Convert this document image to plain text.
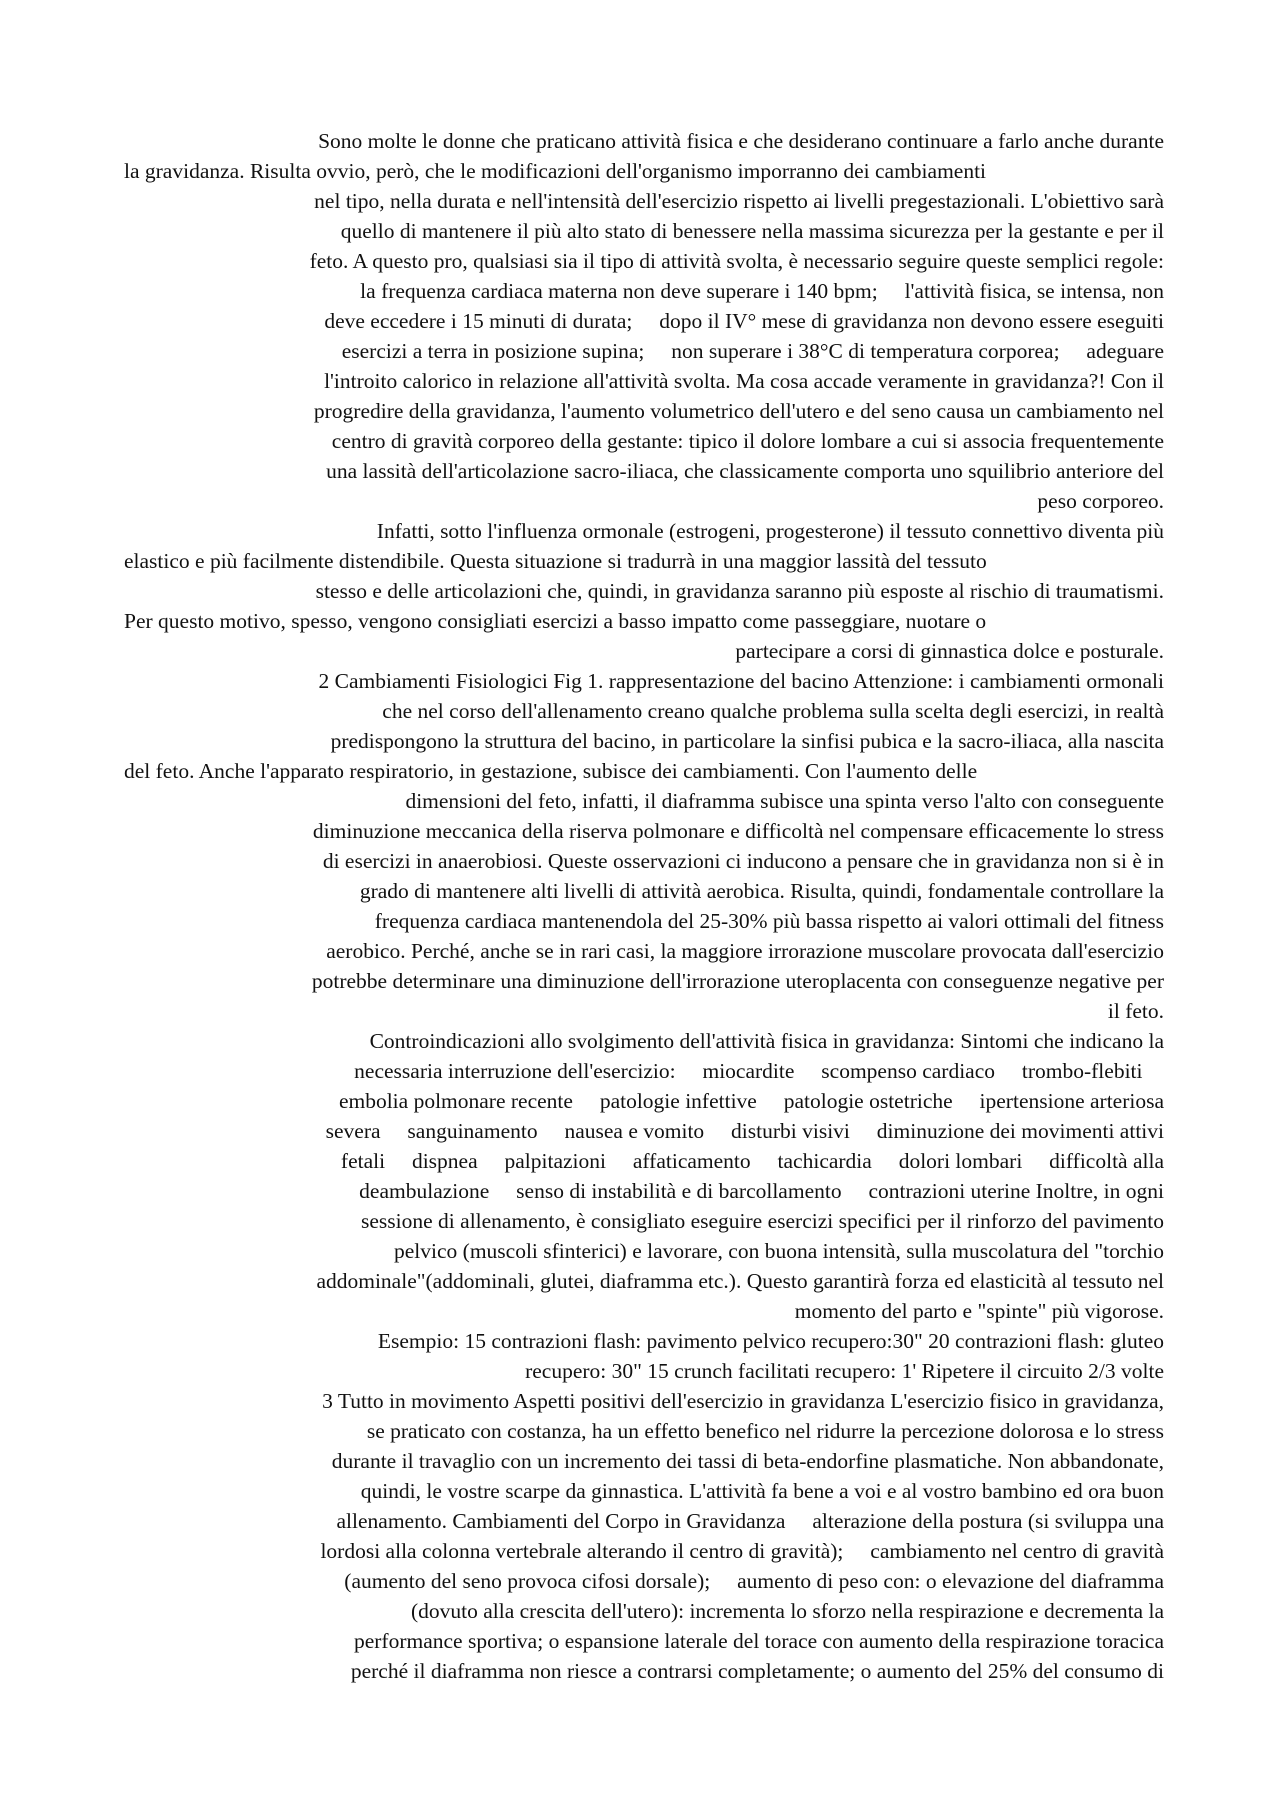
Sono molte le donne che praticano attività fisica e che desiderano continuare a farlo anche durante
la gravidanza. Risulta ovvio, però, che le modificazioni dell'organismo imporranno dei cambiamenti
nel tipo, nella durata e nell'intensità dell'esercizio rispetto ai livelli pregestazionali. L'obiettivo sarà
quello di mantenere il più alto stato di benessere nella massima sicurezza per la gestante e per il
feto. A questo pro, qualsiasi sia il tipo di attività svolta, è necessario seguire queste semplici regole:
la frequenza cardiaca materna non deve superare i 140 bpm;     l'attività fisica, se intensa, non
deve eccedere i 15 minuti di durata;     dopo il IV° mese di gravidanza non devono essere eseguiti
esercizi a terra in posizione supina;     non superare i 38°C di temperatura corporea;     adeguare
l'introito calorico in relazione all'attività svolta. Ma cosa accade veramente in gravidanza?! Con il
progredire della gravidanza, l'aumento volumetrico dell'utero e del seno causa un cambiamento nel
centro di gravità corporeo della gestante: tipico il dolore lombare a cui si associa frequentemente
una lassità dell'articolazione sacro-iliaca, che classicamente comporta uno squilibrio anteriore del
peso corporeo.
Infatti, sotto l'influenza ormonale (estrogeni, progesterone) il tessuto connettivo diventa più
elastico e più facilmente distendibile. Questa situazione si tradurrà in una maggior lassità del tessuto
stesso e delle articolazioni che, quindi, in gravidanza saranno più esposte al rischio di traumatismi.
Per questo motivo, spesso, vengono consigliati esercizi a basso impatto come passeggiare, nuotare o
partecipare a corsi di ginnastica dolce e posturale.
2 Cambiamenti Fisiologici Fig 1. rappresentazione del bacino Attenzione: i cambiamenti ormonali
che nel corso dell'allenamento creano qualche problema sulla scelta degli esercizi, in realtà
predispongono la struttura del bacino, in particolare la sinfisi pubica e la sacro-iliaca, alla nascita
del feto. Anche l'apparato respiratorio, in gestazione, subisce dei cambiamenti. Con l'aumento delle
dimensioni del feto, infatti, il diaframma subisce una spinta verso l'alto con conseguente
diminuzione meccanica della riserva polmonare e difficoltà nel compensare efficacemente lo stress
di esercizi in anaerobiosi. Queste osservazioni ci inducono a pensare che in gravidanza non si è in
grado di mantenere alti livelli di attività aerobica. Risulta, quindi, fondamentale controllare la
frequenza cardiaca mantenendola del 25-30% più bassa rispetto ai valori ottimali del fitness
aerobico. Perché, anche se in rari casi, la maggiore irrorazione muscolare provocata dall'esercizio
potrebbe determinare una diminuzione dell'irrorazione uteroplacenta con conseguenze negative per
il feto.
Controindicazioni allo svolgimento dell'attività fisica in gravidanza: Sintomi che indicano la
necessaria interruzione dell'esercizio:     miocardite     scompenso cardiaco     trombo-flebiti
embolia polmonare recente     patologie infettive     patologie ostetriche     ipertensione arteriosa
severa     sanguinamento     nausea e vomito     disturbi visivi     diminuzione dei movimenti attivi
fetali     dispnea     palpitazioni     affaticamento     tachicardia     dolori lombari     difficoltà alla
deambulazione     senso di instabilità e di barcollamento     contrazioni uterine Inoltre, in ogni
sessione di allenamento, è consigliato eseguire esercizi specifici per il rinforzo del pavimento
pelvico (muscoli sfinterici) e lavorare, con buona intensità, sulla muscolatura del "torchio
addominale"(addominali, glutei, diaframma etc.). Questo garantirà forza ed elasticità al tessuto nel
momento del parto e "spinte" più vigorose.
Esempio: 15 contrazioni flash: pavimento pelvico recupero:30" 20 contrazioni flash: gluteo
recupero: 30" 15 crunch facilitati recupero: 1' Ripetere il circuito 2/3 volte
3 Tutto in movimento Aspetti positivi dell'esercizio in gravidanza L'esercizio fisico in gravidanza,
se praticato con costanza, ha un effetto benefico nel ridurre la percezione dolorosa e lo stress
durante il travaglio con un incremento dei tassi di beta-endorfine plasmatiche. Non abbandonate,
quindi, le vostre scarpe da ginnastica. L'attività fa bene a voi e al vostro bambino ed ora buon
allenamento. Cambiamenti del Corpo in Gravidanza     alterazione della postura (si sviluppa una
lordosi alla colonna vertebrale alterando il centro di gravità);     cambiamento nel centro di gravità
(aumento del seno provoca cifosi dorsale);     aumento di peso con: o elevazione del diaframma
(dovuto alla crescita dell'utero): incrementa lo sforzo nella respirazione e decrementa la
performance sportiva; o espansione laterale del torace con aumento della respirazione toracica
perché il diaframma non riesce a contrarsi completamente; o aumento del 25% del consumo di
